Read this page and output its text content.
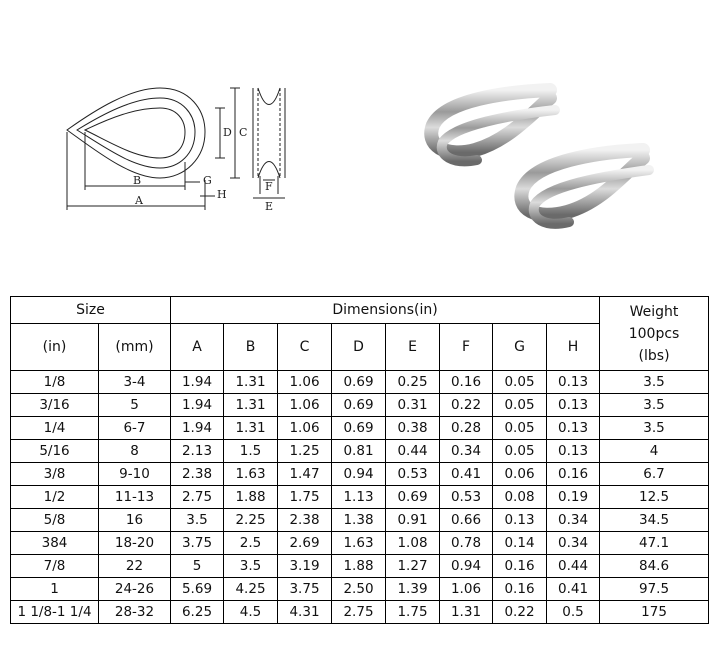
A
B
C
D
E
F
G
H
Size		Dimensions(in)								Weight
100pcs
(lbs)
(in)	(mm)	A	B	C	D	E	F	G	H	
1/8	3-4	1.94	1.31	1.06	0.69	0.25	0.16	0.05	0.13	3.5
3/16	5	1.94	1.31	1.06	0.69	0.31	0.22	0.05	0.13	3.5
1/4	6-7	1.94	1.31	1.06	0.69	0.38	0.28	0.05	0.13	3.5
5/16	8	2.13	1.5	1.25	0.81	0.44	0.34	0.05	0.13	4
3/8	9-10	2.38	1.63	1.47	0.94	0.53	0.41	0.06	0.16	6.7
1/2	11-13	2.75	1.88	1.75	1.13	0.69	0.53	0.08	0.19	12.5
5/8	16	3.5	2.25	2.38	1.38	0.91	0.66	0.13	0.34	34.5
384	18-20	3.75	2.5	2.69	1.63	1.08	0.78	0.14	0.34	47.1
7/8	22	5	3.5	3.19	1.88	1.27	0.94	0.16	0.44	84.6
1	24-26	5.69	4.25	3.75	2.50	1.39	1.06	0.16	0.41	97.5
1 1/8-1 1/4	28-32	6.25	4.5	4.31	2.75	1.75	1.31	0.22	0.5	175
